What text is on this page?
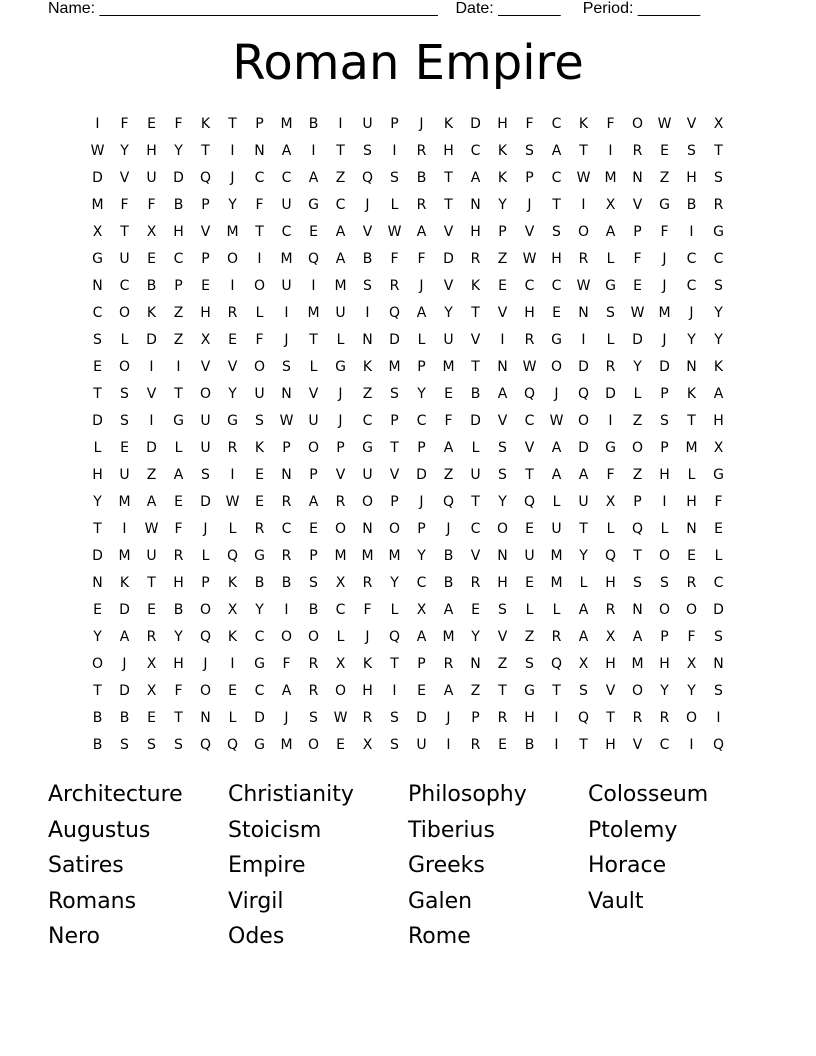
Name: ______________________________________ Date: _______ Period: _______
Roman Empire
I	F	E	F	K	T	P	M	B	I	U	P	J	K	D	H	F	C	K	F	O	W	V	X
W	Y	H	Y	T	I	N	A	I	T	S	I	R	H	C	K	S	A	T	I	R	E	S	T
D	V	U	D	Q	J	C	C	A	Z	Q	S	B	T	A	K	P	C	W	M	N	Z	H	S
M	F	F	B	P	Y	F	U	G	C	J	L	R	T	N	Y	J	T	I	X	V	G	B	R
X	T	X	H	V	M	T	C	E	A	V	W	A	V	H	P	V	S	O	A	P	F	I	G
G	U	E	C	P	O	I	M	Q	A	B	F	F	D	R	Z	W	H	R	L	F	J	C	C
N	C	B	P	E	I	O	U	I	M	S	R	J	V	K	E	C	C	W	G	E	J	C	S
C	O	K	Z	H	R	L	I	M	U	I	Q	A	Y	T	V	H	E	N	S	W	M	J	Y
S	L	D	Z	X	E	F	J	T	L	N	D	L	U	V	I	R	G	I	L	D	J	Y	Y
E	O	I	I	V	V	O	S	L	G	K	M	P	M	T	N	W	O	D	R	Y	D	N	K
T	S	V	T	O	Y	U	N	V	J	Z	S	Y	E	B	A	Q	J	Q	D	L	P	K	A
D	S	I	G	U	G	S	W	U	J	C	P	C	F	D	V	C	W	O	I	Z	S	T	H
L	E	D	L	U	R	K	P	O	P	G	T	P	A	L	S	V	A	D	G	O	P	M	X
H	U	Z	A	S	I	E	N	P	V	U	V	D	Z	U	S	T	A	A	F	Z	H	L	G
Y	M	A	E	D	W	E	R	A	R	O	P	J	Q	T	Y	Q	L	U	X	P	I	H	F
T	I	W	F	J	L	R	C	E	O	N	O	P	J	C	O	E	U	T	L	Q	L	N	E
D	M	U	R	L	Q	G	R	P	M	M	M	Y	B	V	N	U	M	Y	Q	T	O	E	L
N	K	T	H	P	K	B	B	S	X	R	Y	C	B	R	H	E	M	L	H	S	S	R	C
E	D	E	B	O	X	Y	I	B	C	F	L	X	A	E	S	L	L	A	R	N	O	O	D
Y	A	R	Y	Q	K	C	O	O	L	J	Q	A	M	Y	V	Z	R	A	X	A	P	F	S
O	J	X	H	J	I	G	F	R	X	K	T	P	R	N	Z	S	Q	X	H	M	H	X	N
T	D	X	F	O	E	C	A	R	O	H	I	E	A	Z	T	G	T	S	V	O	Y	Y	S
B	B	E	T	N	L	D	J	S	W	R	S	D	J	P	R	H	I	Q	T	R	R	O	I
B	S	S	S	Q	Q	G	M	O	E	X	S	U	I	R	E	B	I	T	H	V	C	I	Q
Architecture	Christianity	Philosophy	Colosseum
Augustus	Stoicism	Tiberius	Ptolemy
Satires	Empire	Greeks	Horace
Romans	Virgil	Galen	Vault
Nero	Odes	Rome
